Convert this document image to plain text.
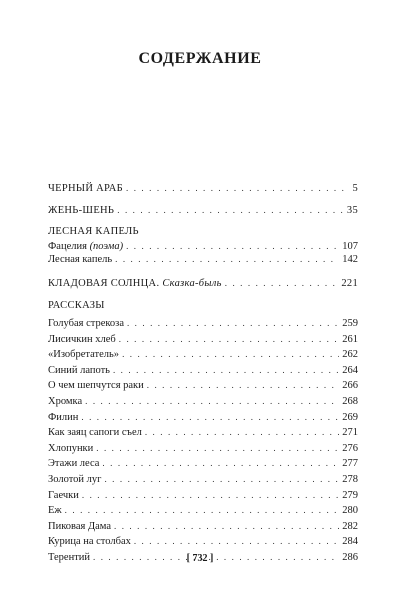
СОДЕРЖАНИЕ
ЧЕРНЫЙ АРАБ . . .	5
ЖЕНЬ-ШЕНЬ . . .	35
ЛЕСНАЯ КАПЕЛЬ
Фацелия (поэма) . . .	107
Лесная капель . . .	142
КЛАДОВАЯ СОЛНЦА. Сказка-быль . . .	221
РАССКАЗЫ
Голубая стрекоза . . .	259
Лисичкин хлеб . . .	261
«Изобретатель» . . .	262
Синий лапоть . . .	264
О чем шепчутся раки . . .	266
Хромка . . .	268
Филин . . .	269
Как заяц сапоги съел . . .	271
Хлопунки . . .	276
Этажи леса . . .	277
Золотой луг . . .	278
Гаечки . . .	279
Еж . . .	280
Пиковая Дама . . .	282
Курица на столбах . . .	284
Терентий . . .	286
[ 732 ]
